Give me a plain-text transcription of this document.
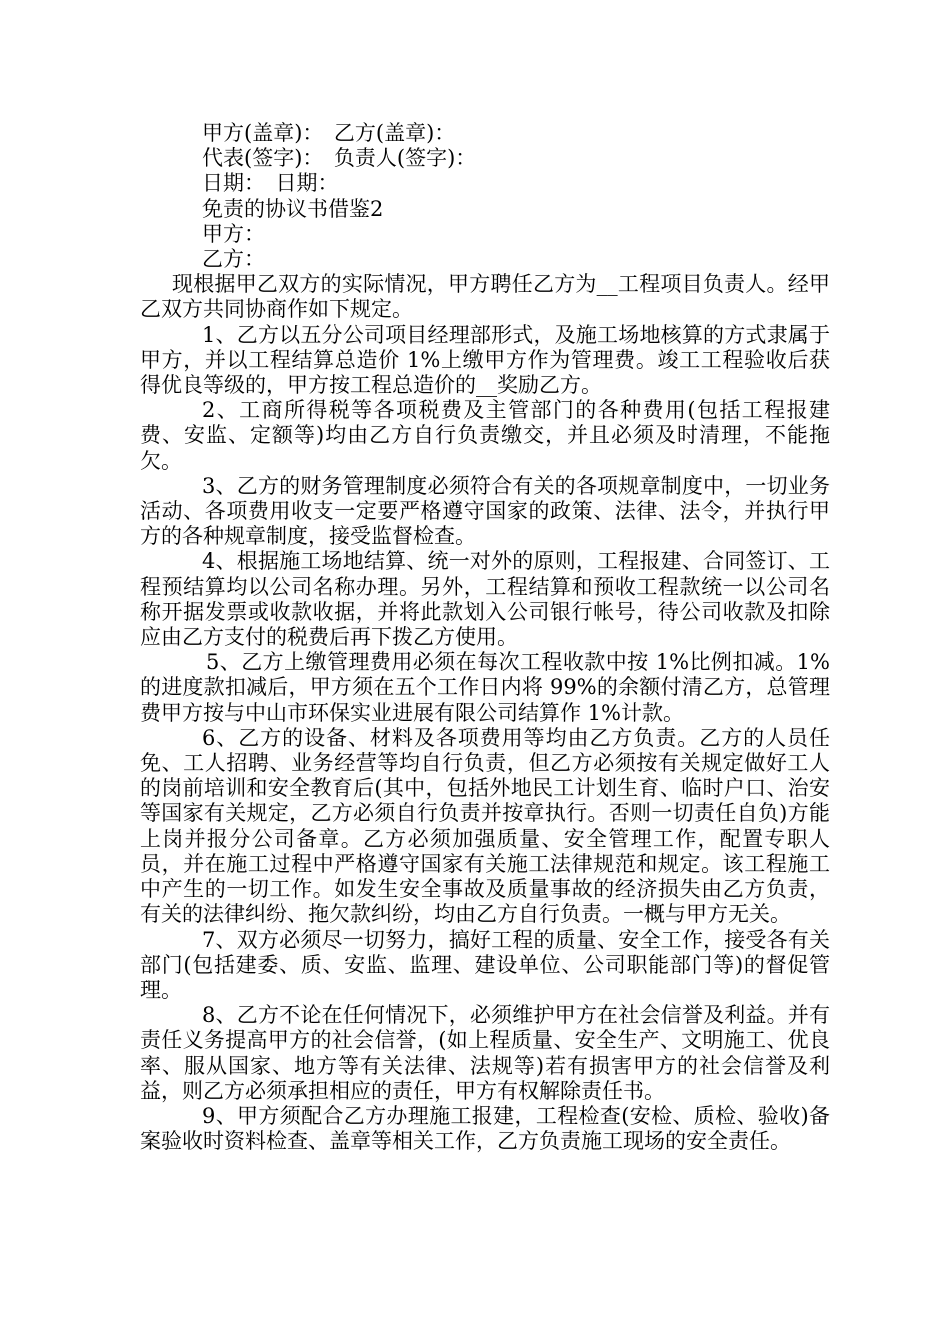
甲方(盖章)：　乙方(盖章)：

代表(签字)：　负责人(签字)：

日期：　日期：

免责的协议书借鉴2

甲方：

乙方：

现根据甲乙双方的实际情况，甲方聘任乙方为__工程项目负责人。经甲乙双方共同协商作如下规定。

1、乙方以五分公司项目经理部形式，及施工场地核算的方式隶属于甲方，并以工程结算总造价 1%上缴甲方作为管理费。竣工工程验收后获得优良等级的，甲方按工程总造价的__奖励乙方。

2、工商所得税等各项税费及主管部门的各种费用(包括工程报建费、安监、定额等)均由乙方自行负责缴交，并且必须及时清理，不能拖欠。

3、乙方的财务管理制度必须符合有关的各项规章制度中，一切业务活动、各项费用收支一定要严格遵守国家的政策、法律、法令，并执行甲方的各种规章制度，接受监督检查。

4、根据施工场地结算、统一对外的原则，工程报建、合同签订、工程预结算均以公司名称办理。另外，工程结算和预收工程款统一以公司名称开据发票或收款收据，并将此款划入公司银行帐号，待公司收款及扣除应由乙方支付的税费后再下拨乙方使用。

5、乙方上缴管理费用必须在每次工程收款中按 1%比例扣减。1%的进度款扣减后，甲方须在五个工作日内将 99%的余额付清乙方，总管理费甲方按与中山市环保实业进展有限公司结算作 1%计款。

6、乙方的设备、材料及各项费用等均由乙方负责。乙方的人员任免、工人招聘、业务经营等均自行负责，但乙方必须按有关规定做好工人的岗前培训和安全教育后(其中，包括外地民工计划生育、临时户口、治安等国家有关规定，乙方必须自行负责并按章执行。否则一切责任自负)方能上岗并报分公司备章。乙方必须加强质量、安全管理工作，配置专职人员，并在施工过程中严格遵守国家有关施工法律规范和规定。该工程施工中产生的一切工作。如发生安全事故及质量事故的经济损失由乙方负责，有关的法律纠纷、拖欠款纠纷，均由乙方自行负责。一概与甲方无关。

7、双方必须尽一切努力，搞好工程的质量、安全工作，接受各有关部门(包括建委、质、安监、监理、建设单位、公司职能部门等)的督促管理。

8、乙方不论在任何情况下，必须维护甲方在社会信誉及利益。并有责任义务提高甲方的社会信誉，(如上程质量、安全生产、文明施工、优良率、服从国家、地方等有关法律、法规等)若有损害甲方的社会信誉及利益，则乙方必须承担相应的责任，甲方有权解除责任书。

9、甲方须配合乙方办理施工报建，工程检查(安检、质检、验收)备案验收时资料检查、盖章等相关工作，乙方负责施工现场的安全责任。
